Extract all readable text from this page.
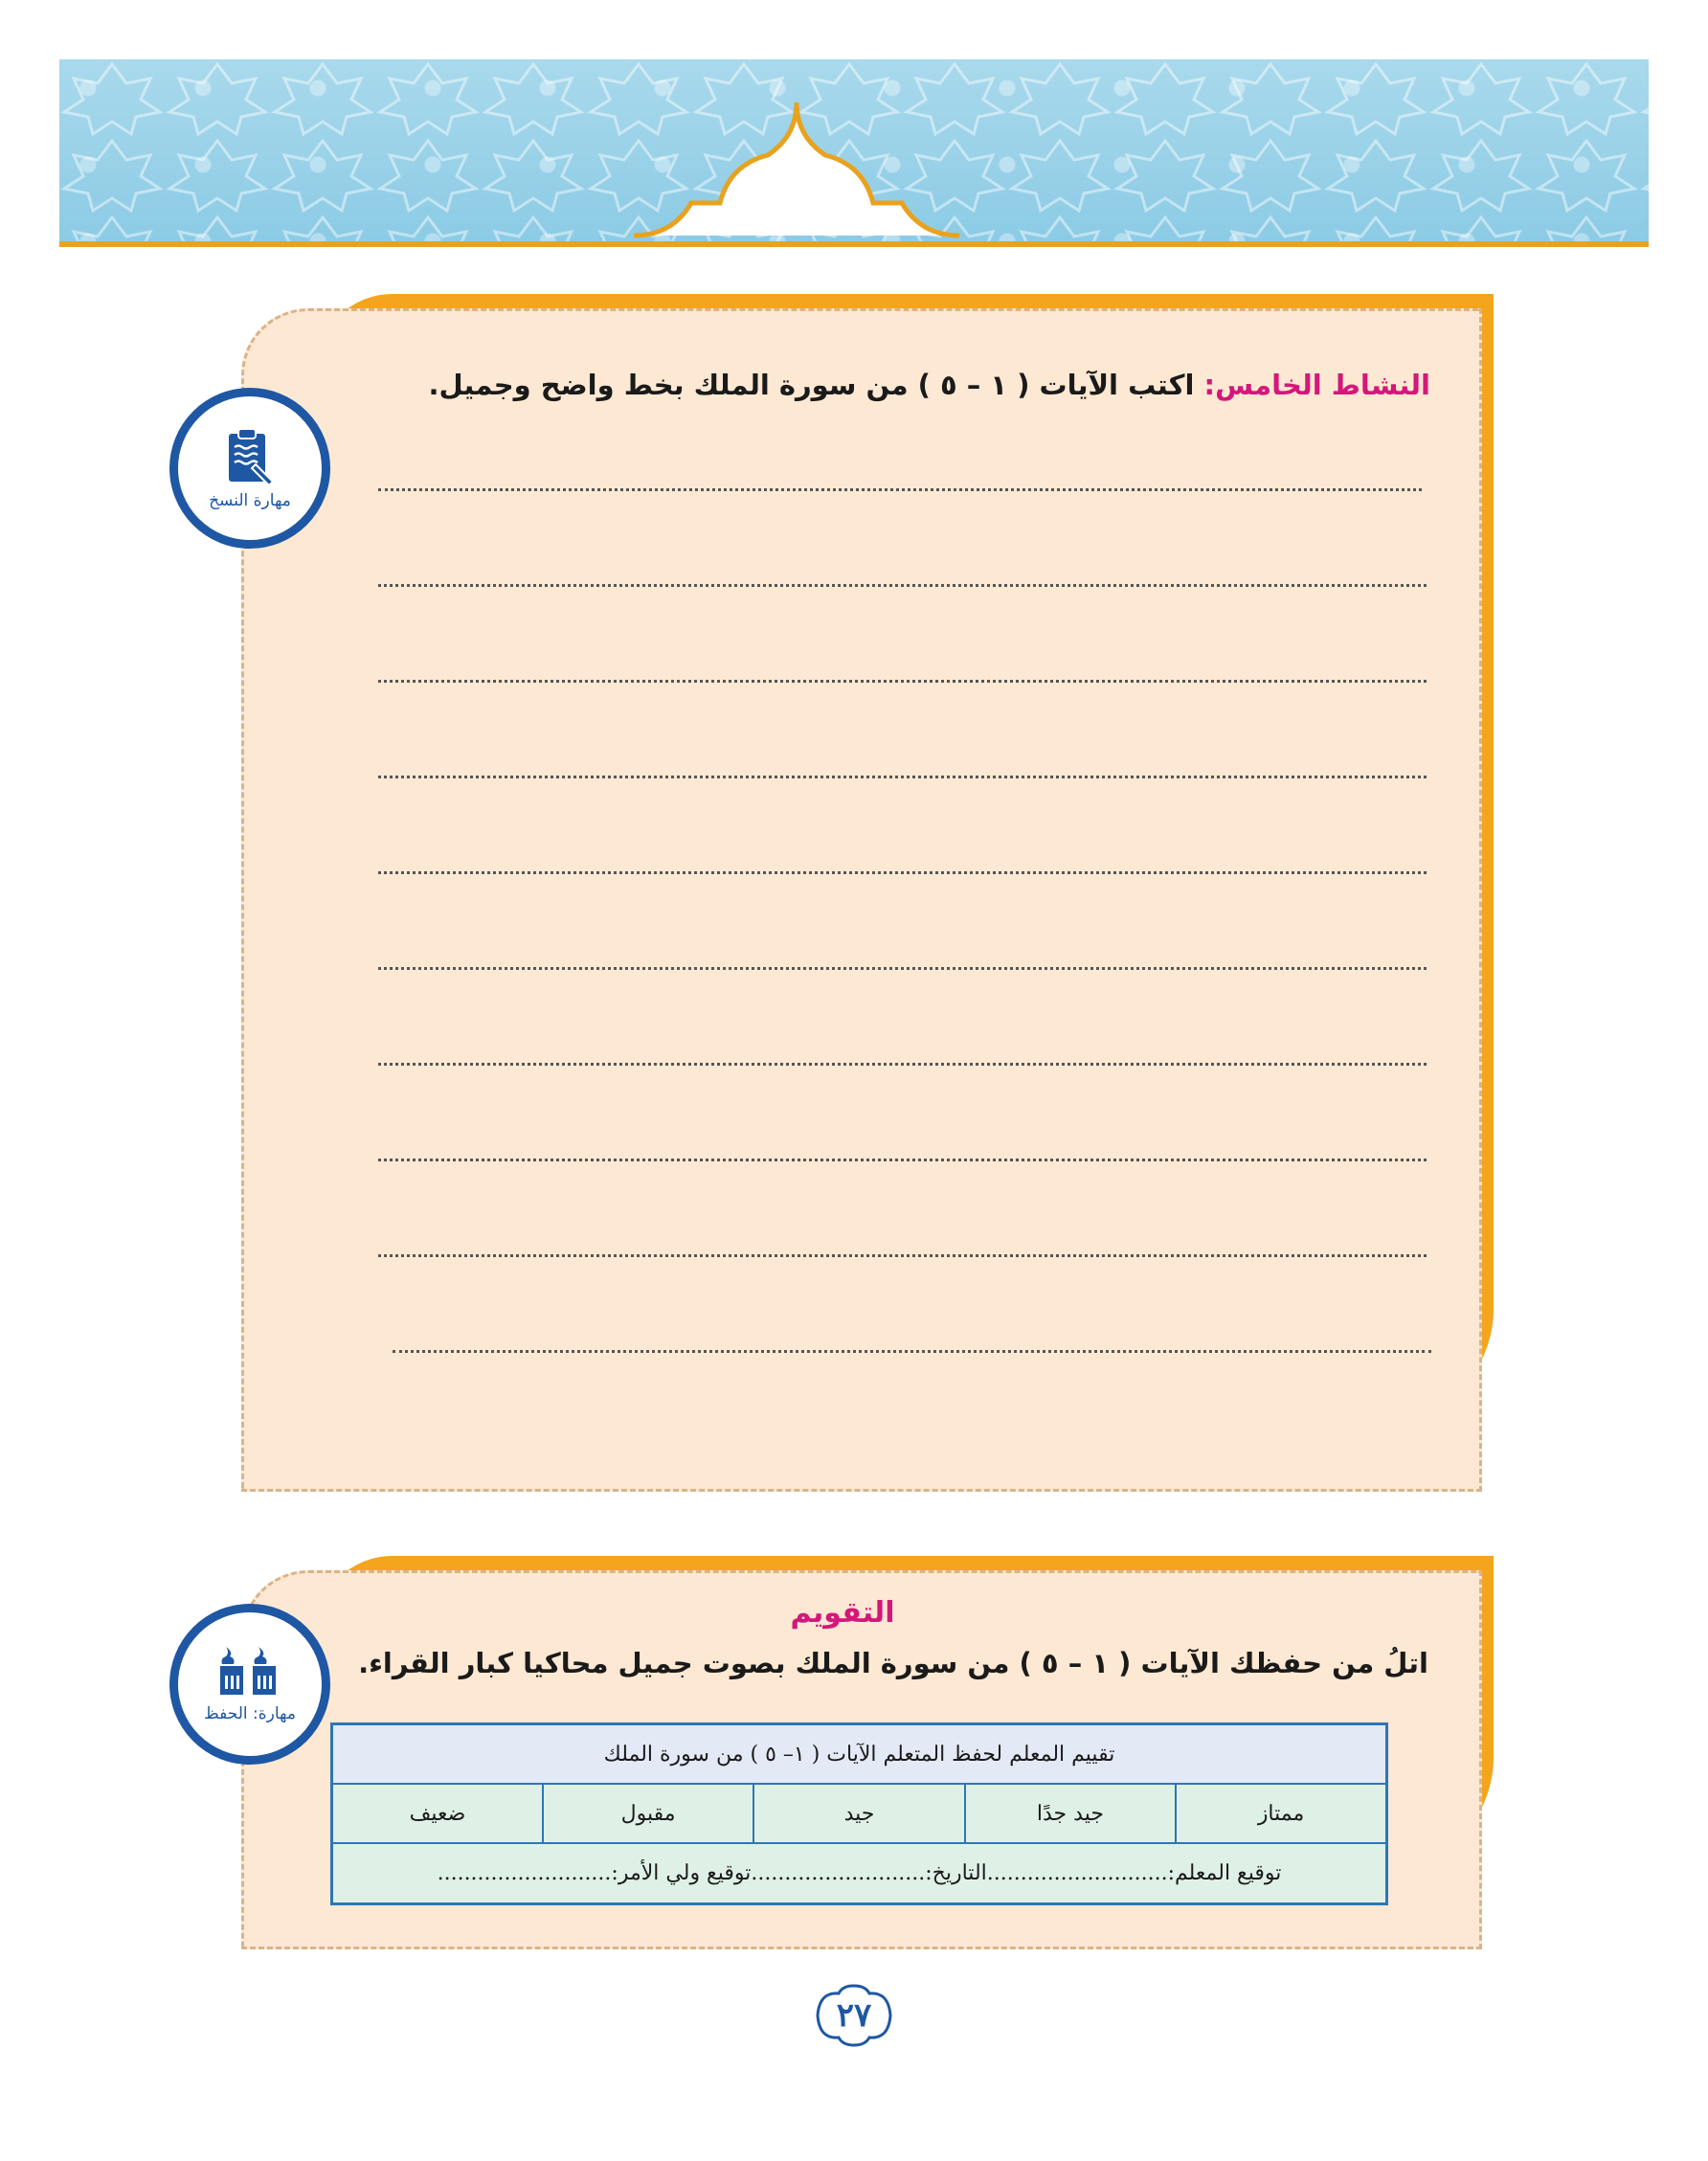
مهارة النسخ
النشاط الخامس: اكتب الآيات ( ١ – ٥ ) من سورة الملك بخط واضح وجميل.
مهارة: الحفظ
التقويم
اتلُ من حفظك الآيات ( ١ – ٥ ) من سورة الملك بصوت جميل محاكيا كبار القراء.
تقييم المعلم لحفظ المتعلم الآيات ( ١– ٥ ) من سورة الملك
ممتاز	جيد جدًا	جيد	مقبول	ضعيف
توقيع المعلم:...........................التاريخ:..........................توقيع ولي الأمر:..........................
٢٧
